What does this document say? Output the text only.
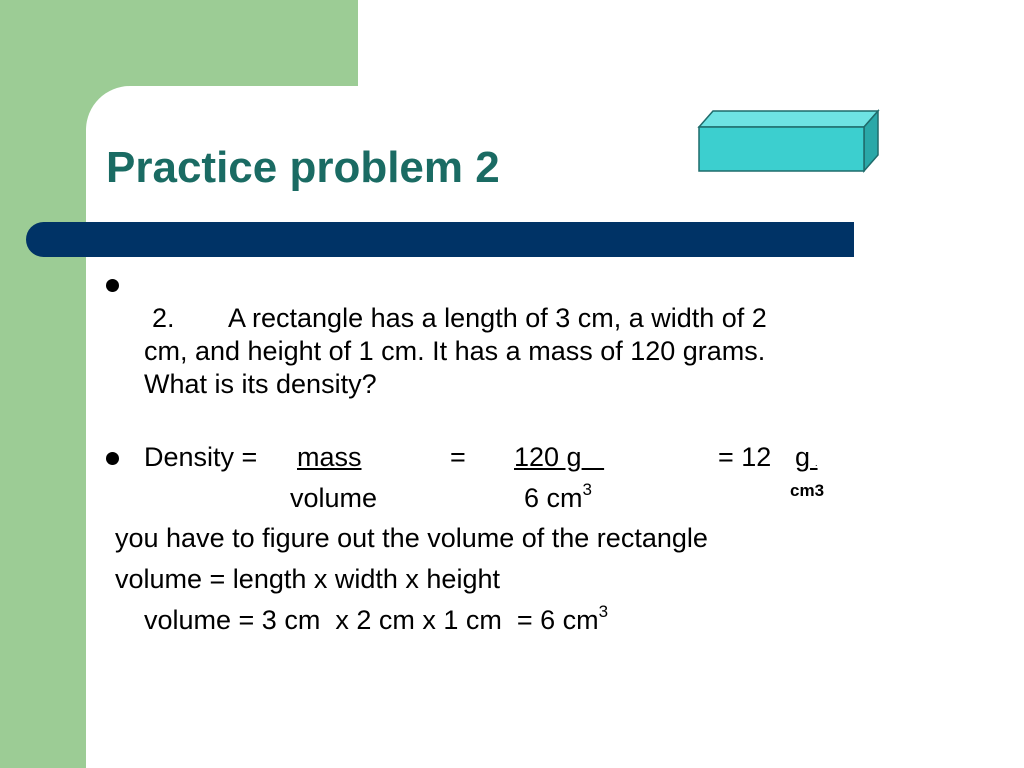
Practice problem 2
2. A rectangle has a length of 3 cm, a width of 2
cm, and height of 1 cm. It has a mass of 120 grams.
What is its density?
Density = mass	= 120 g	= 12 g  .
volume	6 $cm^3$	cm3
you have to figure out the volume of the rectangle
volume = length x width x height
volume = 3 cm  x 2 cm x 1 cm  = 6 $cm^3$
